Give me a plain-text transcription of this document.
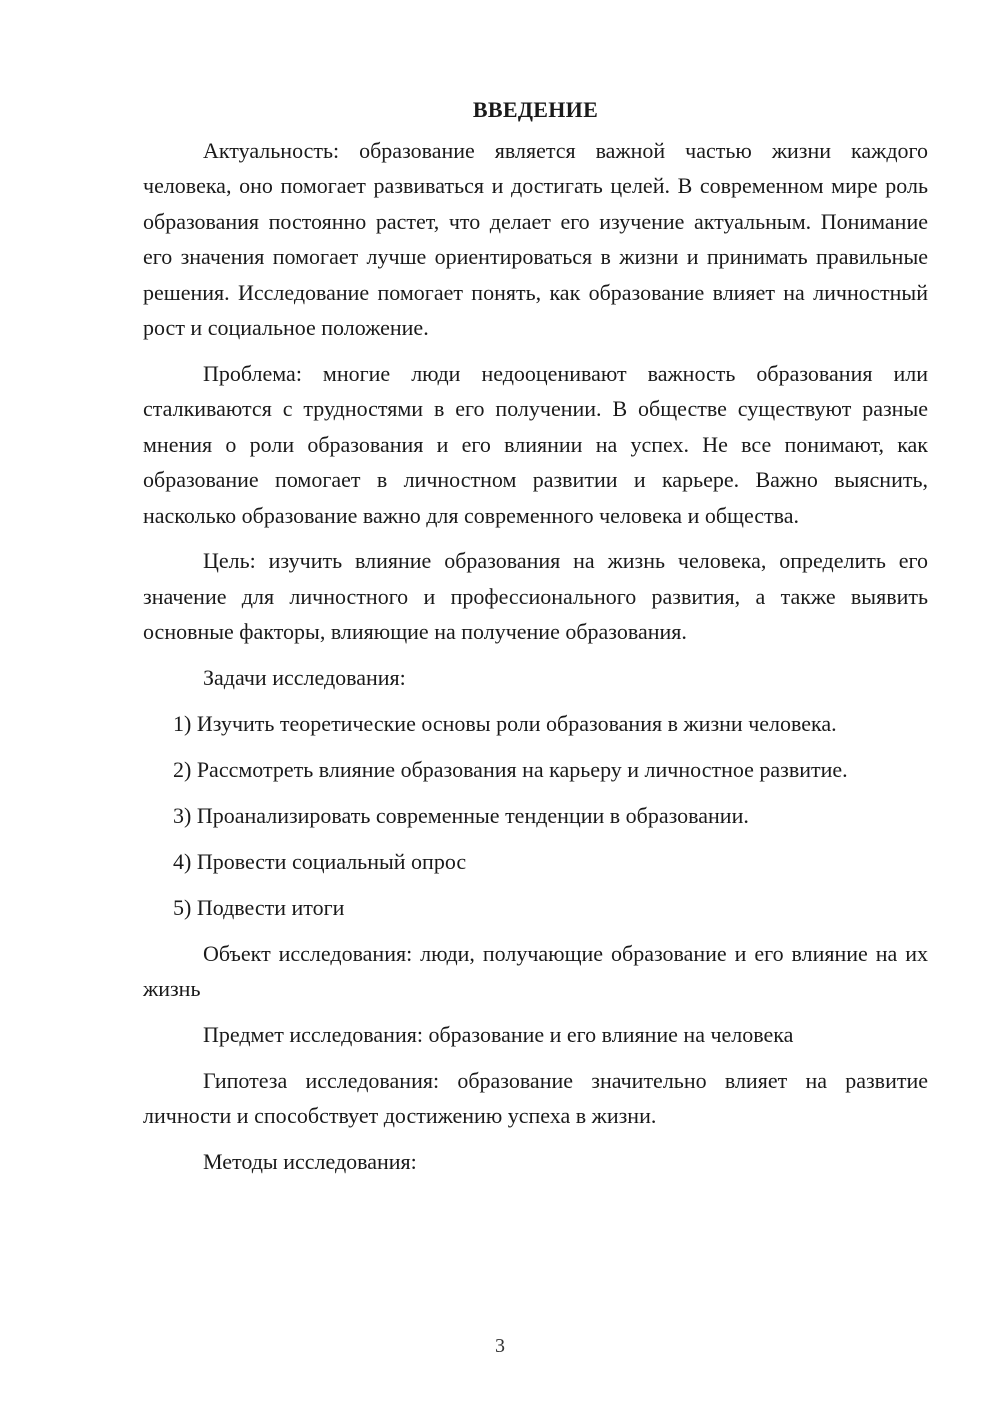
ВВЕДЕНИЕ

Актуальность: образование является важной частью жизни каждого человека, оно помогает развиваться и достигать целей. В современном мире роль образования постоянно растет, что делает его изучение актуальным. Понимание его значения помогает лучше ориентироваться в жизни и принимать правильные решения. Исследование помогает понять, как образование влияет на личностный рост и социальное положение.

Проблема: многие люди недооценивают важность образования или сталкиваются с трудностями в его получении. В обществе существуют разные мнения о роли образования и его влиянии на успех. Не все понимают, как образование помогает в личностном развитии и карьере. Важно выяснить, насколько образование важно для современного человека и общества.

Цель: изучить влияние образования на жизнь человека, определить его значение для личностного и профессионального развития, а также выявить основные факторы, влияющие на получение образования.

Задачи исследования:

1) Изучить теоретические основы роли образования в жизни человека.

2) Рассмотреть влияние образования на карьеру и личностное развитие.

3) Проанализировать современные тенденции в образовании.

4) Провести социальный опрос

5) Подвести итоги

Объект исследования: люди, получающие образование и его влияние на их жизнь

Предмет исследования: образование и его влияние на человека

Гипотеза исследования: образование значительно влияет на развитие личности и способствует достижению успеха в жизни.

Методы исследования:

3
